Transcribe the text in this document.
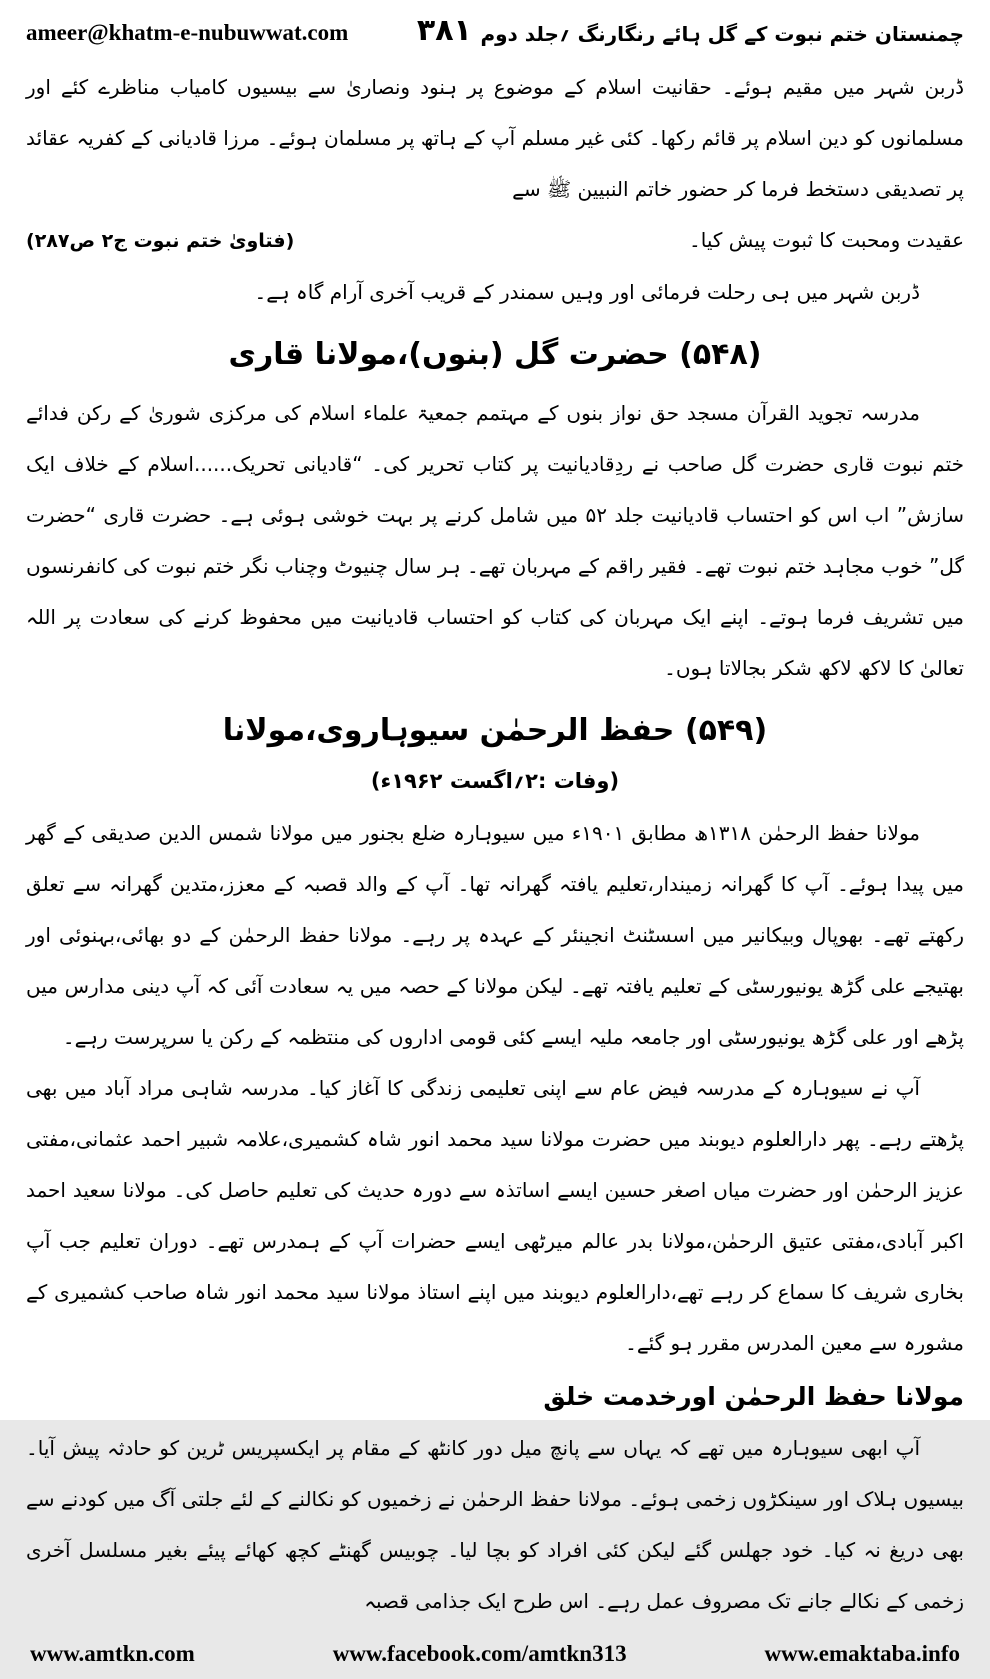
ameer@khatm-e-nubuwwat.com ۳۸۱ چمنستان ختم نبوت کے گل ہائے رنگارنگ ؍جلد دوم
ڈربن شہر میں مقیم ہوئے۔ حقانیت اسلام کے موضوع پر ہنود ونصاریٰ سے بیسیوں کامیاب مناظرے کئے اور مسلمانوں کو دین اسلام پر قائم رکھا۔ کئی غیر مسلم آپ کے ہاتھ پر مسلمان ہوئے۔ مرزا قادیانی کے کفریہ عقائد پر تصدیقی دستخط فرما کر حضور خاتم النبیین ﷺ سے
عقیدت ومحبت کا ثبوت پیش کیا۔
(فتاویٰ ختم نبوت ج۲ ص۲۸۷)
ڈربن شہر میں ہی رحلت فرمائی اور وہیں سمندر کے قریب آخری آرام گاہ ہے۔
(۵۴۸) حضرت گل (بنوں)،مولانا قاری
مدرسہ تجوید القرآن مسجد حق نواز بنوں کے مہتمم جمعیۃ علماء اسلام کی مرکزی شوریٰ کے رکن فدائے ختم نبوت قاری حضرت گل صاحب نے ردِقادیانیت پر کتاب تحریر کی۔ “قادیانی تحریک......اسلام کے خلاف ایک سازش” اب اس کو احتساب قادیانیت جلد ۵۲ میں شامل کرنے پر بہت خوشی ہوئی ہے۔ حضرت قاری “حضرت گل” خوب مجاہد ختم نبوت تھے۔ فقیر راقم کے مہربان تھے۔ ہر سال چنیوٹ وچناب نگر ختم نبوت کی کانفرنسوں میں تشریف فرما ہوتے۔ اپنے ایک مہربان کی کتاب کو احتساب قادیانیت میں محفوظ کرنے کی سعادت پر اللہ تعالیٰ کا لاکھ لاکھ شکر بجالاتا ہوں۔
(۵۴۹) حفظ الرحمٰن سیوہاروی،مولانا
(وفات :۲؍اگست ۱۹۶۲ء)
مولانا حفظ الرحمٰن ۱۳۱۸ھ مطابق ۱۹۰۱ء میں سیوہارہ ضلع بجنور میں مولانا شمس الدین صدیقی کے گھر میں پیدا ہوئے۔ آپ کا گھرانہ زمیندار،تعلیم یافتہ گھرانہ تھا۔ آپ کے والد قصبہ کے معزز،متدین گھرانہ سے تعلق رکھتے تھے۔ بھوپال وبیکانیر میں اسسٹنٹ انجینئر کے عہدہ پر رہے۔ مولانا حفظ الرحمٰن کے دو بھائی،بہنوئی اور بھتیجے علی گڑھ یونیورسٹی کے تعلیم یافتہ تھے۔ لیکن مولانا کے حصہ میں یہ سعادت آئی کہ آپ دینی مدارس میں پڑھے اور علی گڑھ یونیورسٹی اور جامعہ ملیہ ایسے کئی قومی اداروں کی منتظمہ کے رکن یا سرپرست رہے۔
آپ نے سیوہارہ کے مدرسہ فیض عام سے اپنی تعلیمی زندگی کا آغاز کیا۔ مدرسہ شاہی مراد آباد میں بھی پڑھتے رہے۔ پھر دارالعلوم دیوبند میں حضرت مولانا سید محمد انور شاہ کشمیری،علامہ شبیر احمد عثمانی،مفتی عزیز الرحمٰن اور حضرت میاں اصغر حسین ایسے اساتذہ سے دورہ حدیث کی تعلیم حاصل کی۔ مولانا سعید احمد اکبر آبادی،مفتی عتیق الرحمٰن،مولانا بدر عالم میرٹھی ایسے حضرات آپ کے ہمدرس تھے۔ دوران تعلیم جب آپ بخاری شریف کا سماع کر رہے تھے،دارالعلوم دیوبند میں اپنے استاذ مولانا سید محمد انور شاہ صاحب کشمیری کے مشورہ سے معین المدرس مقرر ہو گئے۔
مولانا حفظ الرحمٰن اورخدمت خلق
آپ ابھی سیوہارہ میں تھے کہ یہاں سے پانچ میل دور کانٹھ کے مقام پر ایکسپریس ٹرین کو حادثہ پیش آیا۔ بیسیوں ہلاک اور سینکڑوں زخمی ہوئے۔ مولانا حفظ الرحمٰن نے زخمیوں کو نکالنے کے لئے جلتی آگ میں کودنے سے بھی دریغ نہ کیا۔ خود جھلس گئے لیکن کئی افراد کو بچا لیا۔ چوبیس گھنٹے کچھ کھائے پیئے بغیر مسلسل آخری زخمی کے نکالے جانے تک مصروف عمل رہے۔ اس طرح ایک جذامی قصبہ
www.amtkn.com	www.facebook.com/amtkn313	www.emaktaba.info
